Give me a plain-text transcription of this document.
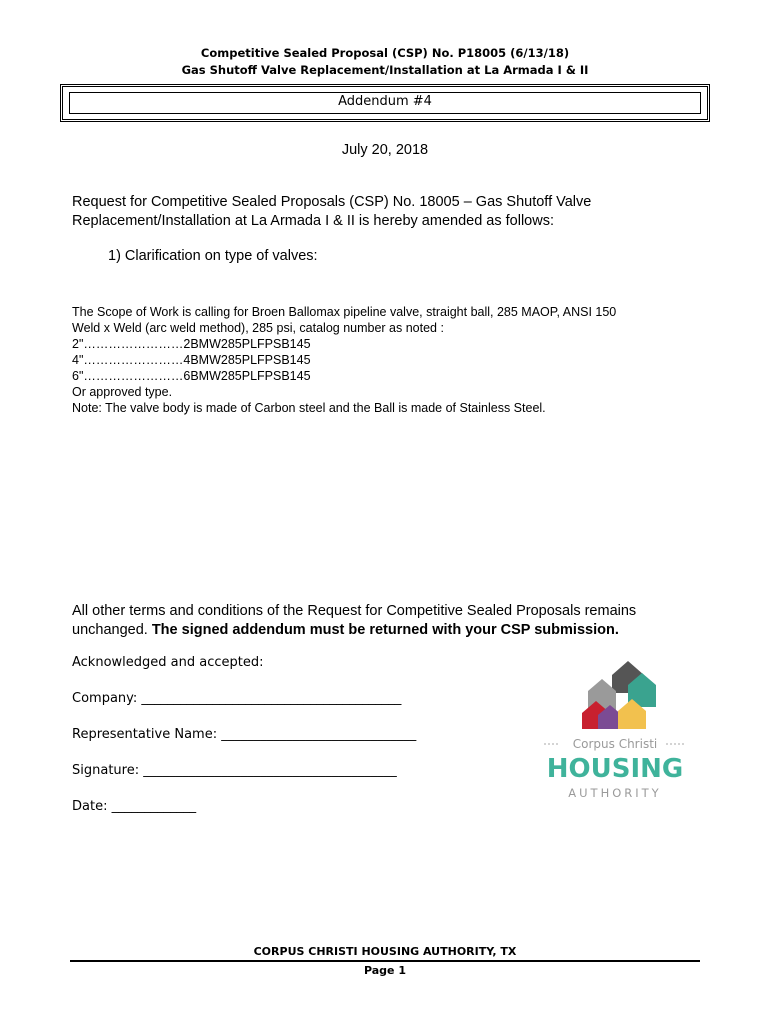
Competitive Sealed Proposal (CSP) No. P18005 (6/13/18)
Gas Shutoff Valve Replacement/Installation at La Armada I & II
Addendum #4
July 20, 2018
Request for Competitive Sealed Proposals (CSP) No. 18005 – Gas Shutoff Valve
Replacement/Installation at La Armada I & II is hereby amended as follows:
1) Clarification on type of valves:
The Scope of Work is calling for Broen Ballomax pipeline valve, straight ball, 285 MAOP, ANSI 150
Weld x Weld (arc weld method), 285 psi, catalog number as noted :
2"……………………2BMW285PLFPSB145
4"……………………4BMW285PLFPSB145
6"……………………6BMW285PLFPSB145
Or approved type.
Note: The valve body is made of Carbon steel and the Ball is made of Stainless Steel.
All other terms and conditions of the Request for Competitive Sealed Proposals remains
unchanged. The signed addendum must be returned with your CSP submission.
Acknowledged and accepted:
Company: ________________________________________
Representative Name: ______________________________
Signature: _______________________________________
Date: _____________
Corpus Christi
HOUSING
AUTHORITY
CORPUS CHRISTI HOUSING AUTHORITY, TX
Page 1
